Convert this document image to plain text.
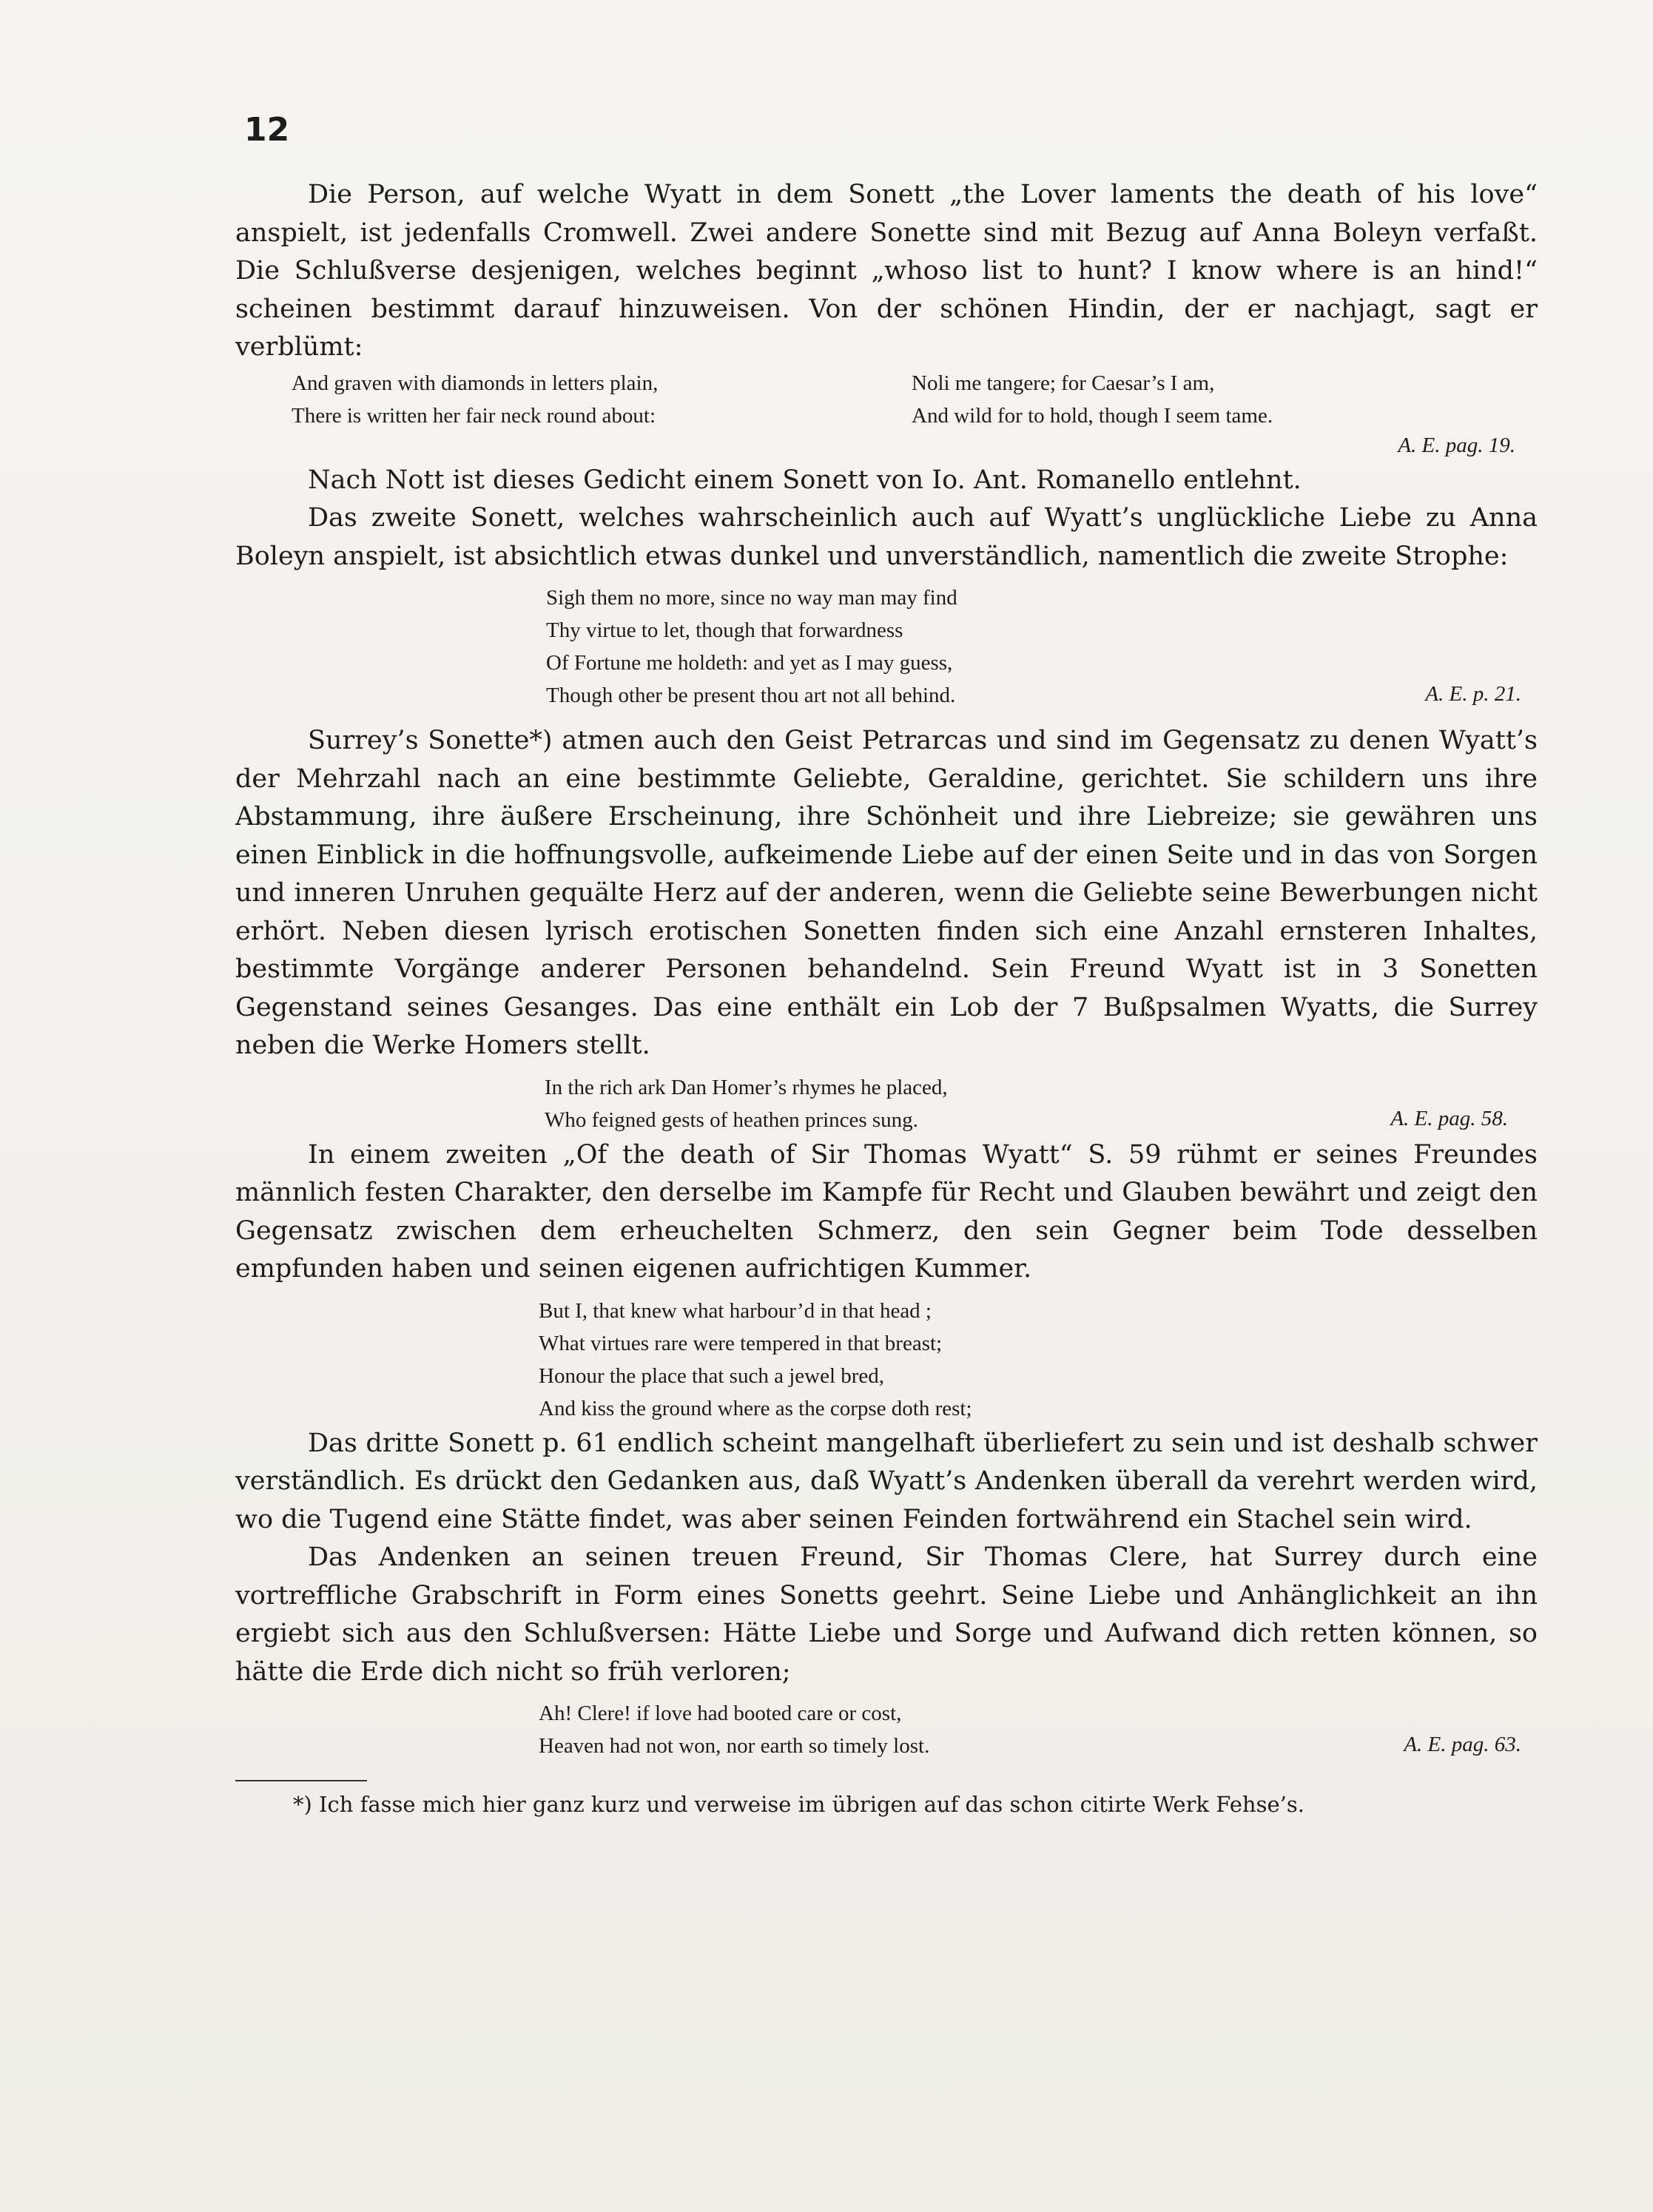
12

Die Person, auf welche Wyatt in dem Sonett „the Lover laments the death of his love“ anspielt, ist jedenfalls Cromwell. Zwei andere Sonette sind mit Bezug auf Anna Boleyn verfaßt. Die Schlußverse desjenigen, welches beginnt „whoso list to hunt? I know where is an hind!“ scheinen bestimmt darauf hinzuweisen. Von der schönen Hindin, der er nachjagt, sagt er verblümt:

And graven with diamonds in letters plain,
There is written her fair neck round about:
Noli me tangere; for Caesar’s I am,
And wild for to hold, though I seem tame.
A. E. pag. 19.

Nach Nott ist dieses Gedicht einem Sonett von Io. Ant. Romanello entlehnt.

Das zweite Sonett, welches wahrscheinlich auch auf Wyatt’s unglückliche Liebe zu Anna Boleyn anspielt, ist absichtlich etwas dunkel und unverständlich, namentlich die zweite Strophe:

Sigh them no more, since no way man may find
Thy virtue to let, though that forwardness
Of Fortune me holdeth: and yet as I may guess,
Though other be present thou art not all behind.	A. E. p. 21.

Surrey’s Sonette*) atmen auch den Geist Petrarcas und sind im Gegensatz zu denen Wyatt’s der Mehrzahl nach an eine bestimmte Geliebte, Geraldine, gerichtet. Sie schildern uns ihre Abstammung, ihre äußere Erscheinung, ihre Schönheit und ihre Liebreize; sie gewähren uns einen Einblick in die hoffnungsvolle, aufkeimende Liebe auf der einen Seite und in das von Sorgen und inneren Unruhen gequälte Herz auf der anderen, wenn die Geliebte seine Bewerbungen nicht erhört. Neben diesen lyrisch erotischen Sonetten finden sich eine Anzahl ernsteren Inhaltes, bestimmte Vorgänge anderer Personen behandelnd. Sein Freund Wyatt ist in 3 Sonetten Gegenstand seines Gesanges. Das eine enthält ein Lob der 7 Bußpsalmen Wyatts, die Surrey neben die Werke Homers stellt.

In the rich ark Dan Homer’s rhymes he placed,
Who feigned gests of heathen princes sung.	A. E. pag. 58.

In einem zweiten „Of the death of Sir Thomas Wyatt“ S. 59 rühmt er seines Freundes männlich festen Charakter, den derselbe im Kampfe für Recht und Glauben bewährt und zeigt den Gegensatz zwischen dem erheuchelten Schmerz, den sein Gegner beim Tode desselben empfunden haben und seinen eigenen aufrichtigen Kummer.

But I, that knew what harbour’d in that head ;
What virtues rare were tempered in that breast;
Honour the place that such a jewel bred,
And kiss the ground where as the corpse doth rest;

Das dritte Sonett p. 61 endlich scheint mangelhaft überliefert zu sein und ist deshalb schwer verständlich. Es drückt den Gedanken aus, daß Wyatt’s Andenken überall da verehrt werden wird, wo die Tugend eine Stätte findet, was aber seinen Feinden fortwährend ein Stachel sein wird.

Das Andenken an seinen treuen Freund, Sir Thomas Clere, hat Surrey durch eine vortreffliche Grabschrift in Form eines Sonetts geehrt. Seine Liebe und Anhänglichkeit an ihn ergiebt sich aus den Schlußversen: Hätte Liebe und Sorge und Aufwand dich retten können, so hätte die Erde dich nicht so früh verloren;

Ah! Clere! if love had booted care or cost,
Heaven had not won, nor earth so timely lost.	A. E. pag. 63.
*) Ich fasse mich hier ganz kurz und verweise im übrigen auf das schon citirte Werk Fehse’s.
